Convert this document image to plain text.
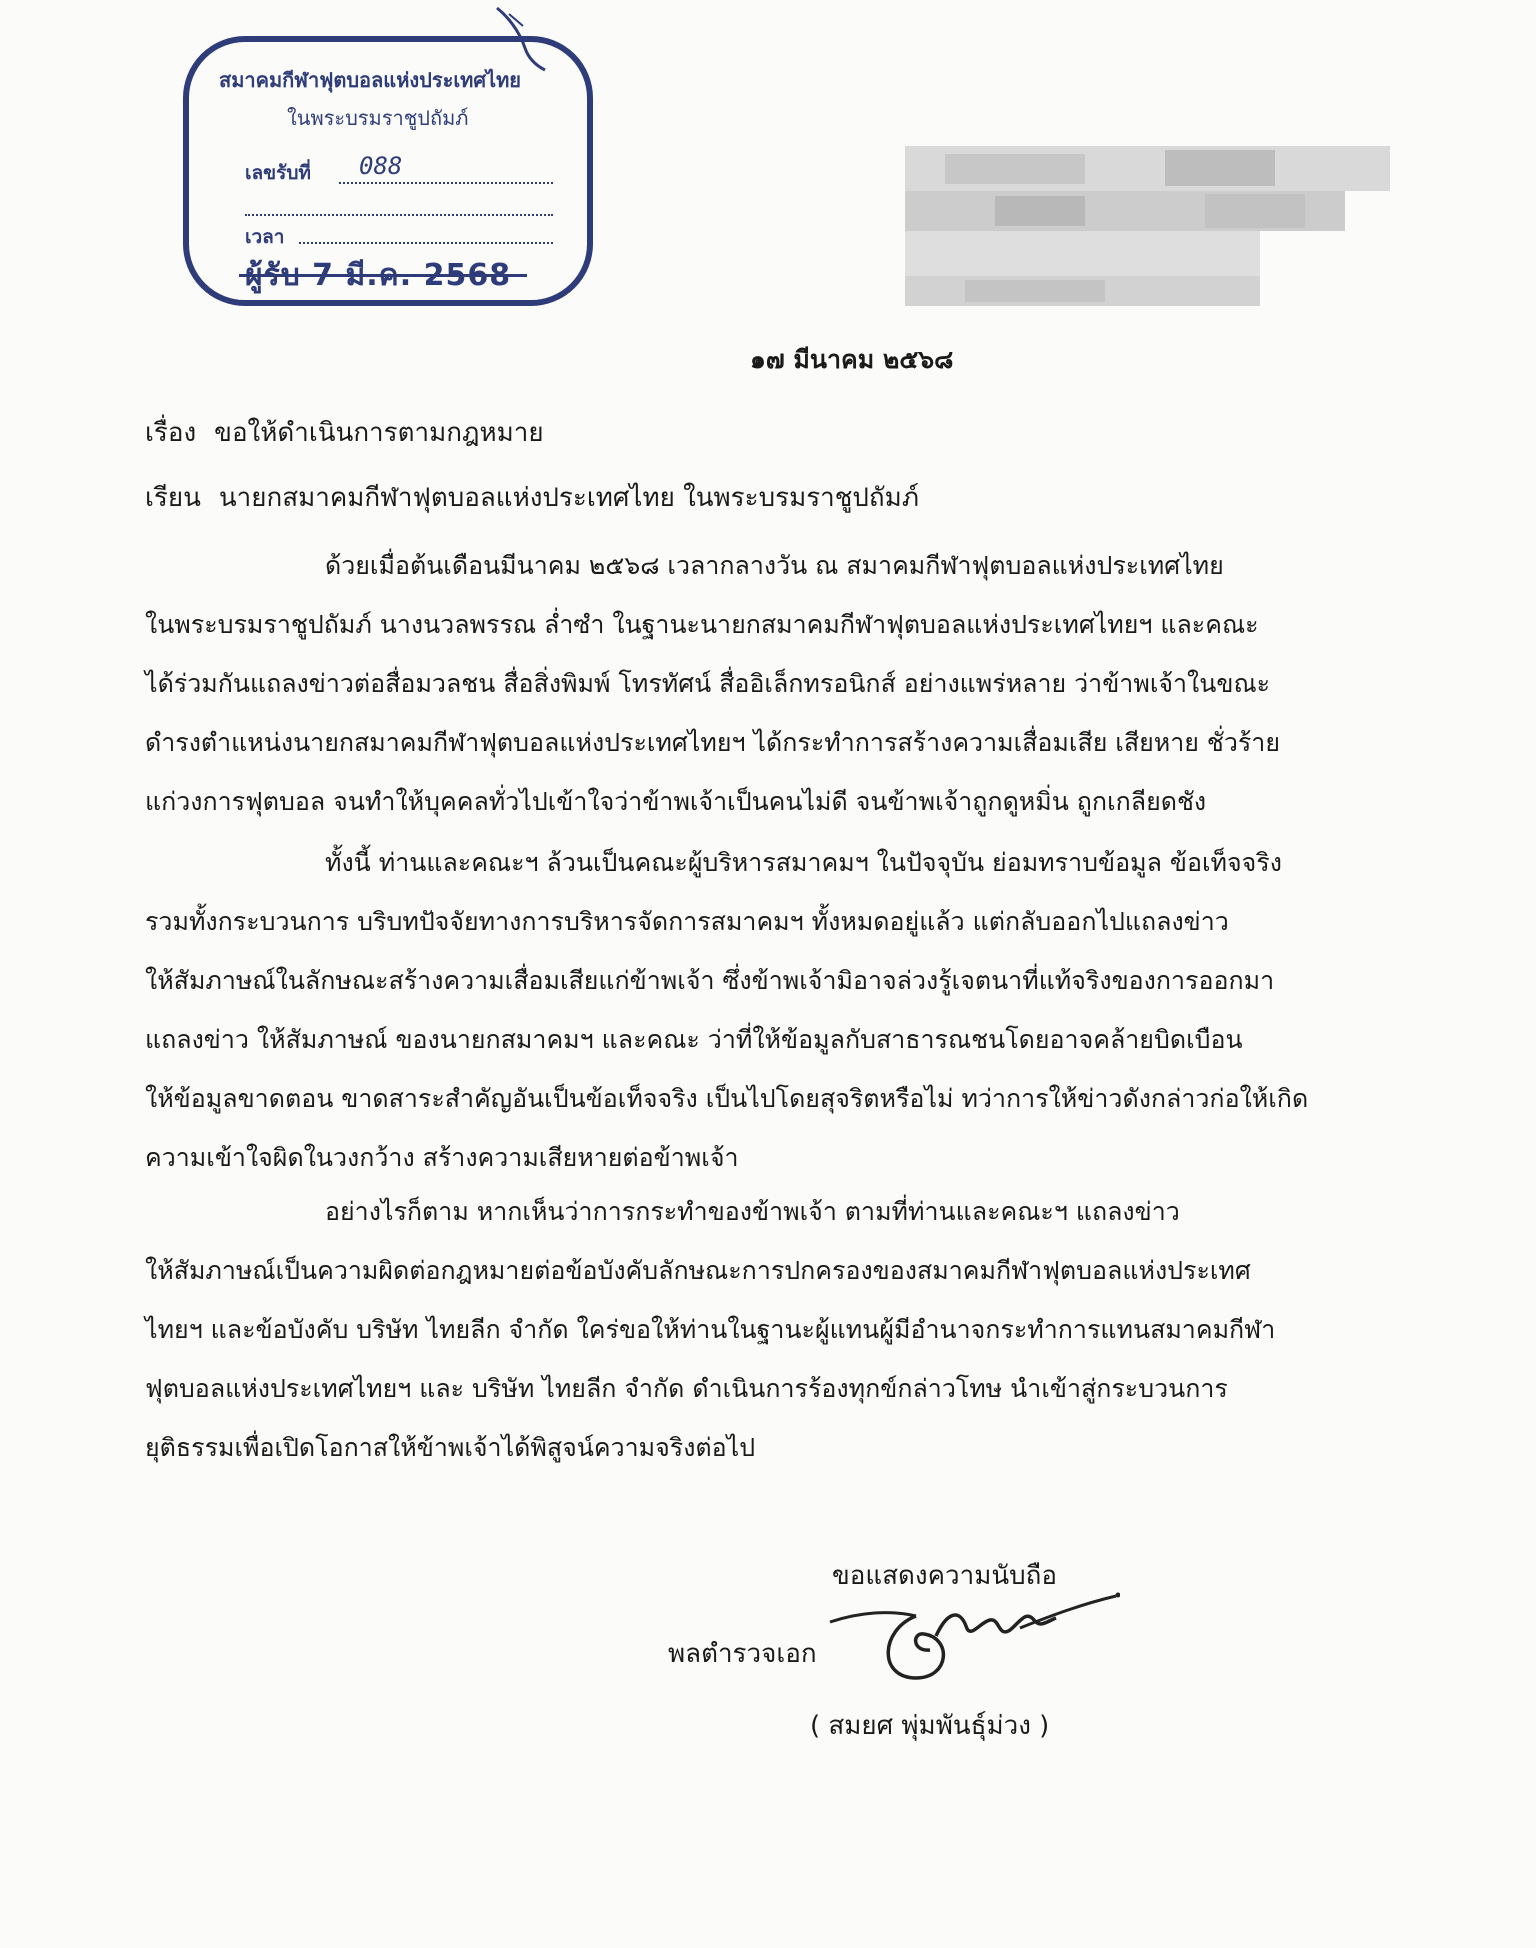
สมาคมกีฬาฟุตบอลแห่งประเทศไทย
ในพระบรมราชูปถัมภ์
เลขรับที่ 088
เวลา
ผู้รับ 7 มี.ค. 2568
๑๗ มีนาคม ๒๕๖๘
เรื่อง ขอให้ดำเนินการตามกฎหมาย
เรียน นายกสมาคมกีฬาฟุตบอลแห่งประเทศไทย ในพระบรมราชูปถัมภ์
ด้วยเมื่อต้นเดือนมีนาคม ๒๕๖๘ เวลากลางวัน ณ สมาคมกีฬาฟุตบอลแห่งประเทศไทย
ในพระบรมราชูปถัมภ์ นางนวลพรรณ ล่ำซำ ในฐานะนายกสมาคมกีฬาฟุตบอลแห่งประเทศไทยฯ และคณะ
ได้ร่วมกันแถลงข่าวต่อสื่อมวลชน สื่อสิ่งพิมพ์ โทรทัศน์ สื่ออิเล็กทรอนิกส์ อย่างแพร่หลาย ว่าข้าพเจ้าในขณะ
ดำรงตำแหน่งนายกสมาคมกีฬาฟุตบอลแห่งประเทศไทยฯ ได้กระทำการสร้างความเสื่อมเสีย เสียหาย ชั่วร้าย
แก่วงการฟุตบอล จนทำให้บุคคลทั่วไปเข้าใจว่าข้าพเจ้าเป็นคนไม่ดี จนข้าพเจ้าถูกดูหมิ่น ถูกเกลียดชัง
ทั้งนี้ ท่านและคณะฯ ล้วนเป็นคณะผู้บริหารสมาคมฯ ในปัจจุบัน ย่อมทราบข้อมูล ข้อเท็จจริง
รวมทั้งกระบวนการ บริบทปัจจัยทางการบริหารจัดการสมาคมฯ ทั้งหมดอยู่แล้ว แต่กลับออกไปแถลงข่าว
ให้สัมภาษณ์ในลักษณะสร้างความเสื่อมเสียแก่ข้าพเจ้า ซึ่งข้าพเจ้ามิอาจล่วงรู้เจตนาที่แท้จริงของการออกมา
แถลงข่าว ให้สัมภาษณ์ ของนายกสมาคมฯ และคณะ ว่าที่ให้ข้อมูลกับสาธารณชนโดยอาจคล้ายบิดเบือน
ให้ข้อมูลขาดตอน ขาดสาระสำคัญอันเป็นข้อเท็จจริง เป็นไปโดยสุจริตหรือไม่ ทว่าการให้ข่าวดังกล่าวก่อให้เกิด
ความเข้าใจผิดในวงกว้าง สร้างความเสียหายต่อข้าพเจ้า
อย่างไรก็ตาม หากเห็นว่าการกระทำของข้าพเจ้า ตามที่ท่านและคณะฯ แถลงข่าว
ให้สัมภาษณ์เป็นความผิดต่อกฎหมายต่อข้อบังคับลักษณะการปกครองของสมาคมกีฬาฟุตบอลแห่งประเทศ
ไทยฯ และข้อบังคับ บริษัท ไทยลีก จำกัด ใคร่ขอให้ท่านในฐานะผู้แทนผู้มีอำนาจกระทำการแทนสมาคมกีฬา
ฟุตบอลแห่งประเทศไทยฯ และ บริษัท ไทยลีก จำกัด ดำเนินการร้องทุกข์กล่าวโทษ นำเข้าสู่กระบวนการ
ยุติธรรมเพื่อเปิดโอกาสให้ข้าพเจ้าได้พิสูจน์ความจริงต่อไป
ขอแสดงความนับถือ
พลตำรวจเอก
( สมยศ พุ่มพันธุ์ม่วง )
